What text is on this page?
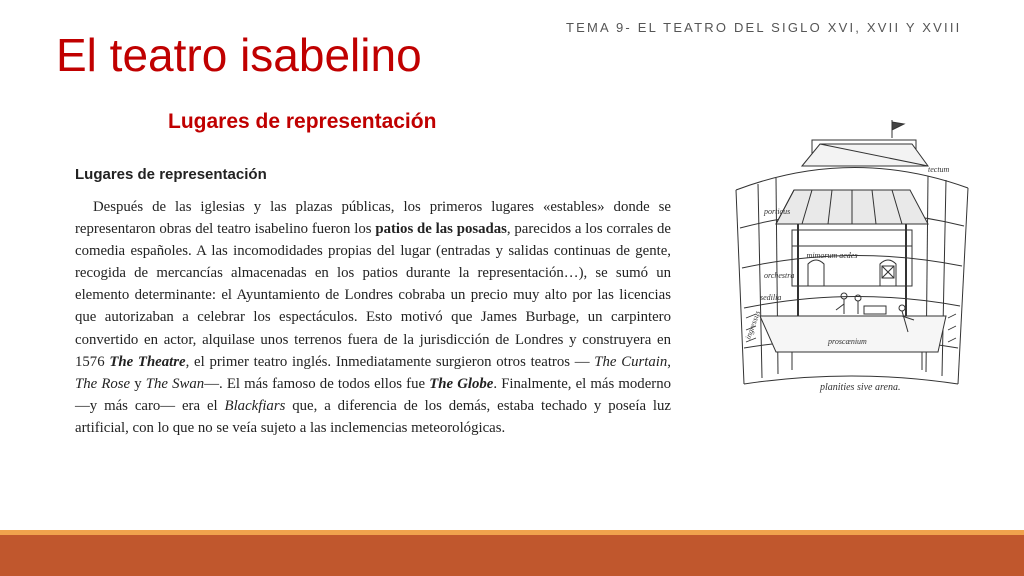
TEMA 9- EL TEATRO DEL SIGLO XVI, XVII Y XVIII
El teatro isabelino
Lugares de representación
Lugares de representación

Después de las iglesias y las plazas públicas, los primeros lugares «estables» donde se representaron obras del teatro isabelino fueron los patios de las posadas, parecidos a los corrales de comedia españoles. A las incomodidades propias del lugar (entradas y salidas continuas de gente, recogida de mercancías almacenadas en los patios durante la representación…), se sumó un elemento determinante: el Ayuntamiento de Londres cobraba un precio muy alto por las licencias que autorizaban a celebrar los espectáculos. Esto motivó que James Burbage, un carpintero convertido en actor, alquilase unos terrenos fuera de la jurisdicción de Londres y construyera en 1576 The Theatre, el primer teatro inglés. Inmediatamente surgieron otros teatros — The Curtain, The Rose y The Swan—. El más famoso de todos ellos fue The Globe. Finalmente, el más moderno —y más caro— era el Blackfiars que, a diferencia de los demás, estaba techado y poseía luz artificial, con lo que no se veía sujeto a las inclemencias meteorológicas.

tectum
porticus
mimorum aedes
orchestra
sedilia
ingressus
proscænium
planities sive arena.
